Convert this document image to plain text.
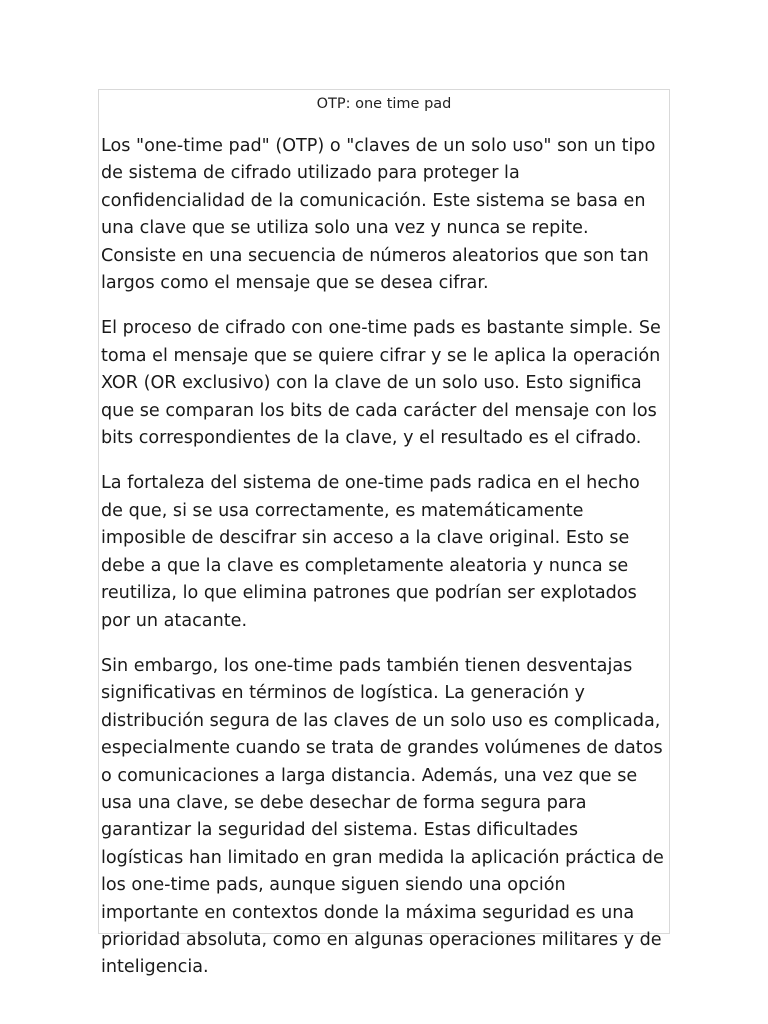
OTP: one time pad

Los "one-time pad" (OTP) o "claves de un solo uso" son un tipo de sistema de cifrado utilizado para proteger la confidencialidad de la comunicación. Este sistema se basa en una clave que se utiliza solo una vez y nunca se repite. Consiste en una secuencia de números aleatorios que son tan largos como el mensaje que se desea cifrar.

El proceso de cifrado con one-time pads es bastante simple. Se toma el mensaje que se quiere cifrar y se le aplica la operación XOR (OR exclusivo) con la clave de un solo uso. Esto significa que se comparan los bits de cada carácter del mensaje con los bits correspondientes de la clave, y el resultado es el cifrado.

La fortaleza del sistema de one-time pads radica en el hecho de que, si se usa correctamente, es matemáticamente imposible de descifrar sin acceso a la clave original. Esto se debe a que la clave es completamente aleatoria y nunca se reutiliza, lo que elimina patrones que podrían ser explotados por un atacante.

Sin embargo, los one-time pads también tienen desventajas significativas en términos de logística. La generación y distribución segura de las claves de un solo uso es complicada, especialmente cuando se trata de grandes volúmenes de datos o comunicaciones a larga distancia. Además, una vez que se usa una clave, se debe desechar de forma segura para garantizar la seguridad del sistema. Estas dificultades logísticas han limitado en gran medida la aplicación práctica de los one-time pads, aunque siguen siendo una opción importante en contextos donde la máxima seguridad es una prioridad absoluta, como en algunas operaciones militares y de inteligencia.
